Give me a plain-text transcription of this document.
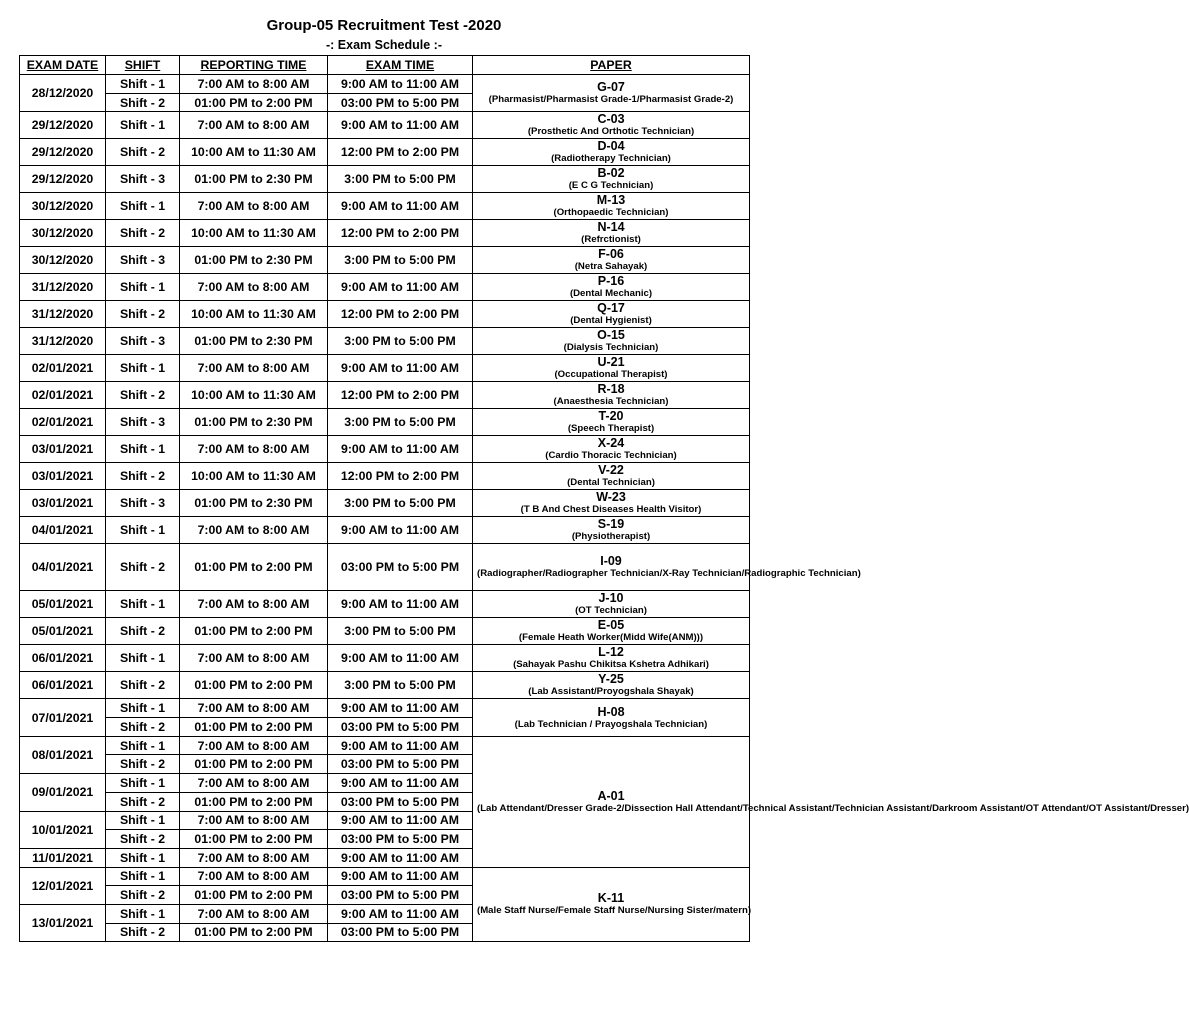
Group-05 Recruitment Test -2020
-: Exam Schedule :-
EXAM DATE	SHIFT	REPORTING TIME	EXAM TIME	PAPER
28/12/2020	Shift - 1	7:00 AM to 8:00 AM	9:00 AM to 11:00 AM	G-07
(Pharmasist/Pharmasist Grade-1/Pharmasist Grade-2)

	Shift - 2	01:00 PM to 2:00 PM	03:00 PM to 5:00 PM	
29/12/2020	Shift - 1	7:00 AM to 8:00 AM	9:00 AM to 11:00 AM	C-03
(Prosthetic And Orthotic Technician)

29/12/2020	Shift - 2	10:00 AM to 11:30 AM	12:00 PM to 2:00 PM	D-04
(Radiotherapy Technician)

29/12/2020	Shift - 3	01:00 PM to 2:30 PM	3:00 PM to 5:00 PM	B-02
(E C G Technician)

30/12/2020	Shift - 1	7:00 AM to 8:00 AM	9:00 AM to 11:00 AM	M-13
(Orthopaedic Technician)

30/12/2020	Shift - 2	10:00 AM to 11:30 AM	12:00 PM to 2:00 PM	N-14
(Refrctionist)

30/12/2020	Shift - 3	01:00 PM to 2:30 PM	3:00 PM to 5:00 PM	F-06
(Netra Sahayak)

31/12/2020	Shift - 1	7:00 AM to 8:00 AM	9:00 AM to 11:00 AM	P-16
(Dental Mechanic)

31/12/2020	Shift - 2	10:00 AM to 11:30 AM	12:00 PM to 2:00 PM	Q-17
(Dental Hygienist)

31/12/2020	Shift - 3	01:00 PM to 2:30 PM	3:00 PM to 5:00 PM	O-15
(Dialysis Technician)

02/01/2021	Shift - 1	7:00 AM to 8:00 AM	9:00 AM to 11:00 AM	U-21
(Occupational Therapist)

02/01/2021	Shift - 2	10:00 AM to 11:30 AM	12:00 PM to 2:00 PM	R-18
(Anaesthesia Technician)

02/01/2021	Shift - 3	01:00 PM to 2:30 PM	3:00 PM to 5:00 PM	T-20
(Speech Therapist)

03/01/2021	Shift - 1	7:00 AM to 8:00 AM	9:00 AM to 11:00 AM	X-24
(Cardio Thoracic Technician)

03/01/2021	Shift - 2	10:00 AM to 11:30 AM	12:00 PM to 2:00 PM	V-22
(Dental Technician)

03/01/2021	Shift - 3	01:00 PM to 2:30 PM	3:00 PM to 5:00 PM	W-23
(T B And Chest Diseases Health Visitor)

04/01/2021	Shift - 1	7:00 AM to 8:00 AM	9:00 AM to 11:00 AM	S-19
(Physiotherapist)

04/01/2021	Shift - 2	01:00 PM to 2:00 PM	03:00 PM to 5:00 PM	I-09
(Radiographer/Radiographer Technician/X-Ray Technician/Radiographic Technician)

05/01/2021	Shift - 1	7:00 AM to 8:00 AM	9:00 AM to 11:00 AM	J-10
(OT Technician)

05/01/2021	Shift - 2	01:00 PM to 2:00 PM	3:00 PM to 5:00 PM	E-05
(Female Heath Worker(Midd Wife(ANM)))

06/01/2021	Shift - 1	7:00 AM to 8:00 AM	9:00 AM to 11:00 AM	L-12
(Sahayak Pashu Chikitsa Kshetra Adhikari)

06/01/2021	Shift - 2	01:00 PM to 2:00 PM	3:00 PM to 5:00 PM	Y-25
(Lab Assistant/Proyogshala Shayak)

07/01/2021	Shift - 1	7:00 AM to 8:00 AM	9:00 AM to 11:00 AM	H-08
(Lab Technician / Prayogshala Technician)

	Shift - 2	01:00 PM to 2:00 PM	03:00 PM to 5:00 PM	
08/01/2021	Shift - 1	7:00 AM to 8:00 AM	9:00 AM to 11:00 AM	A-01
(Lab Attendant/Dresser Grade-2/Dissection Hall Attendant/Technical Assistant/Technician Assistant/Darkroom Assistant/OT Attendant/OT Assistant/Dresser)

	Shift - 2	01:00 PM to 2:00 PM	03:00 PM to 5:00 PM	
09/01/2021	Shift - 1	7:00 AM to 8:00 AM	9:00 AM to 11:00 AM	
	Shift - 2	01:00 PM to 2:00 PM	03:00 PM to 5:00 PM	
10/01/2021	Shift - 1	7:00 AM to 8:00 AM	9:00 AM to 11:00 AM	
	Shift - 2	01:00 PM to 2:00 PM	03:00 PM to 5:00 PM	
11/01/2021	Shift - 1	7:00 AM to 8:00 AM	9:00 AM to 11:00 AM	
12/01/2021	Shift - 1	7:00 AM to 8:00 AM	9:00 AM to 11:00 AM	K-11
(Male Staff Nurse/Female Staff Nurse/Nursing Sister/matern)

	Shift - 2	01:00 PM to 2:00 PM	03:00 PM to 5:00 PM	
13/01/2021	Shift - 1	7:00 AM to 8:00 AM	9:00 AM to 11:00 AM	
	Shift - 2	01:00 PM to 2:00 PM	03:00 PM to 5:00 PM	
